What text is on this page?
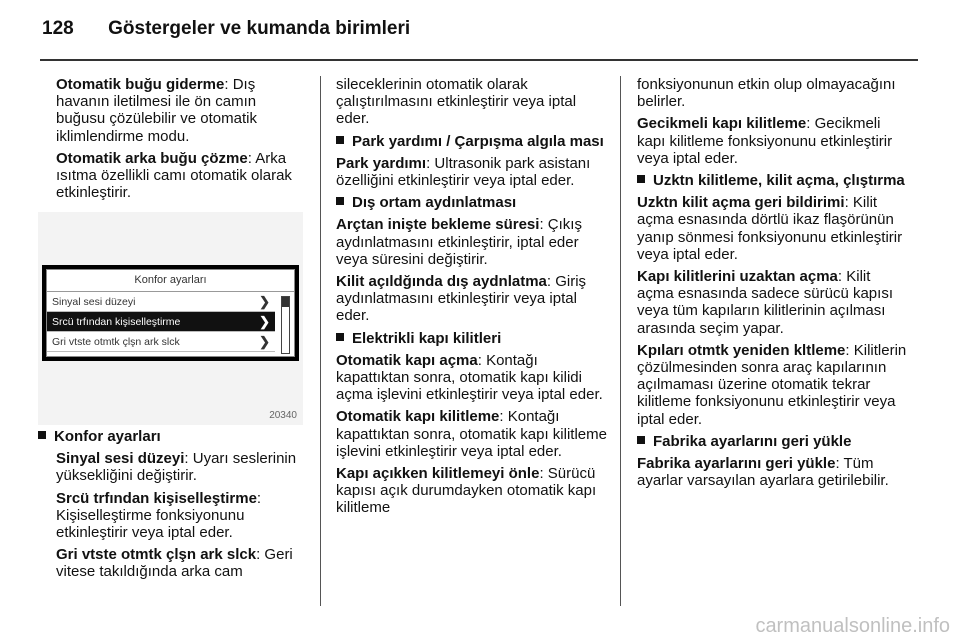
128 Göstergeler ve kumanda birimleri

Otomatik buğu giderme: Dış havanın iletilmesi ile ön camın buğusu çözülebilir ve otomatik iklimlendirme modu.

Otomatik arka buğu çözme: Arka ısıtma özellikli camı otomatik olarak etkinleştirir.

Konfor ayarları
Sinyal sesi düzeyi	❯
Srcü trfından kişiselleştirme	❯
Gri vtste otmtk çlşn ark slck	❯
20340

Konfor ayarları

Sinyal sesi düzeyi: Uyarı seslerinin yüksekliğini değiştirir.

Srcü trfından kişiselleştirme: Kişiselleştirme fonksiyonunu etkinleştirir veya iptal eder.

Gri vtste otmtk çlşn ark slck: Geri vitese takıldığında arka cam

sileceklerinin otomatik olarak çalıştırılmasını etkinleştirir veya iptal eder.

Park yardımı / Çarpışma algıla ması

Park yardımı: Ultrasonik park asistanı özelliğini etkinleştirir veya iptal eder.

Dış ortam aydınlatması

Arçtan inişte bekleme süresi: Çıkış aydınlatmasını etkinleştirir, iptal eder veya süresini değiştirir.

Kilit açıldğında dış aydnlatma: Giriş aydınlatmasını etkinleştirir veya iptal eder.

Elektrikli kapı kilitleri

Otomatik kapı açma: Kontağı kapattıktan sonra, otomatik kapı kilidi açma işlevini etkinleştirir veya iptal eder.

Otomatik kapı kilitleme: Kontağı kapattıktan sonra, otomatik kapı kilitleme işlevini etkinleştirir veya iptal eder.

Kapı açıkken kilitlemeyi önle: Sürücü kapısı açık durumdayken otomatik kapı kilitleme

fonksiyonunun etkin olup olmayacağını belirler.

Gecikmeli kapı kilitleme: Gecikmeli kapı kilitleme fonksiyonunu etkinleştirir veya iptal eder.

Uzktn kilitleme, kilit açma, çlıştırma

Uzktn kilit açma geri bildirimi: Kilit açma esnasında dörtlü ikaz flaşörünün yanıp sönmesi fonksiyonunu etkinleştirir veya iptal eder.

Kapı kilitlerini uzaktan açma: Kilit açma esnasında sadece sürücü kapısı veya tüm kapıların kilitlerinin açılması arasında seçim yapar.

Kpıları otmtk yeniden kltleme: Kilitlerin çözülmesinden sonra araç kapılarının açılmaması üzerine otomatik tekrar kilitleme fonksiyonunu etkinleştirir veya iptal eder.

Fabrika ayarlarını geri yükle

Fabrika ayarlarını geri yükle: Tüm ayarlar varsayılan ayarlara getirilebilir.

carmanualsonline.info
